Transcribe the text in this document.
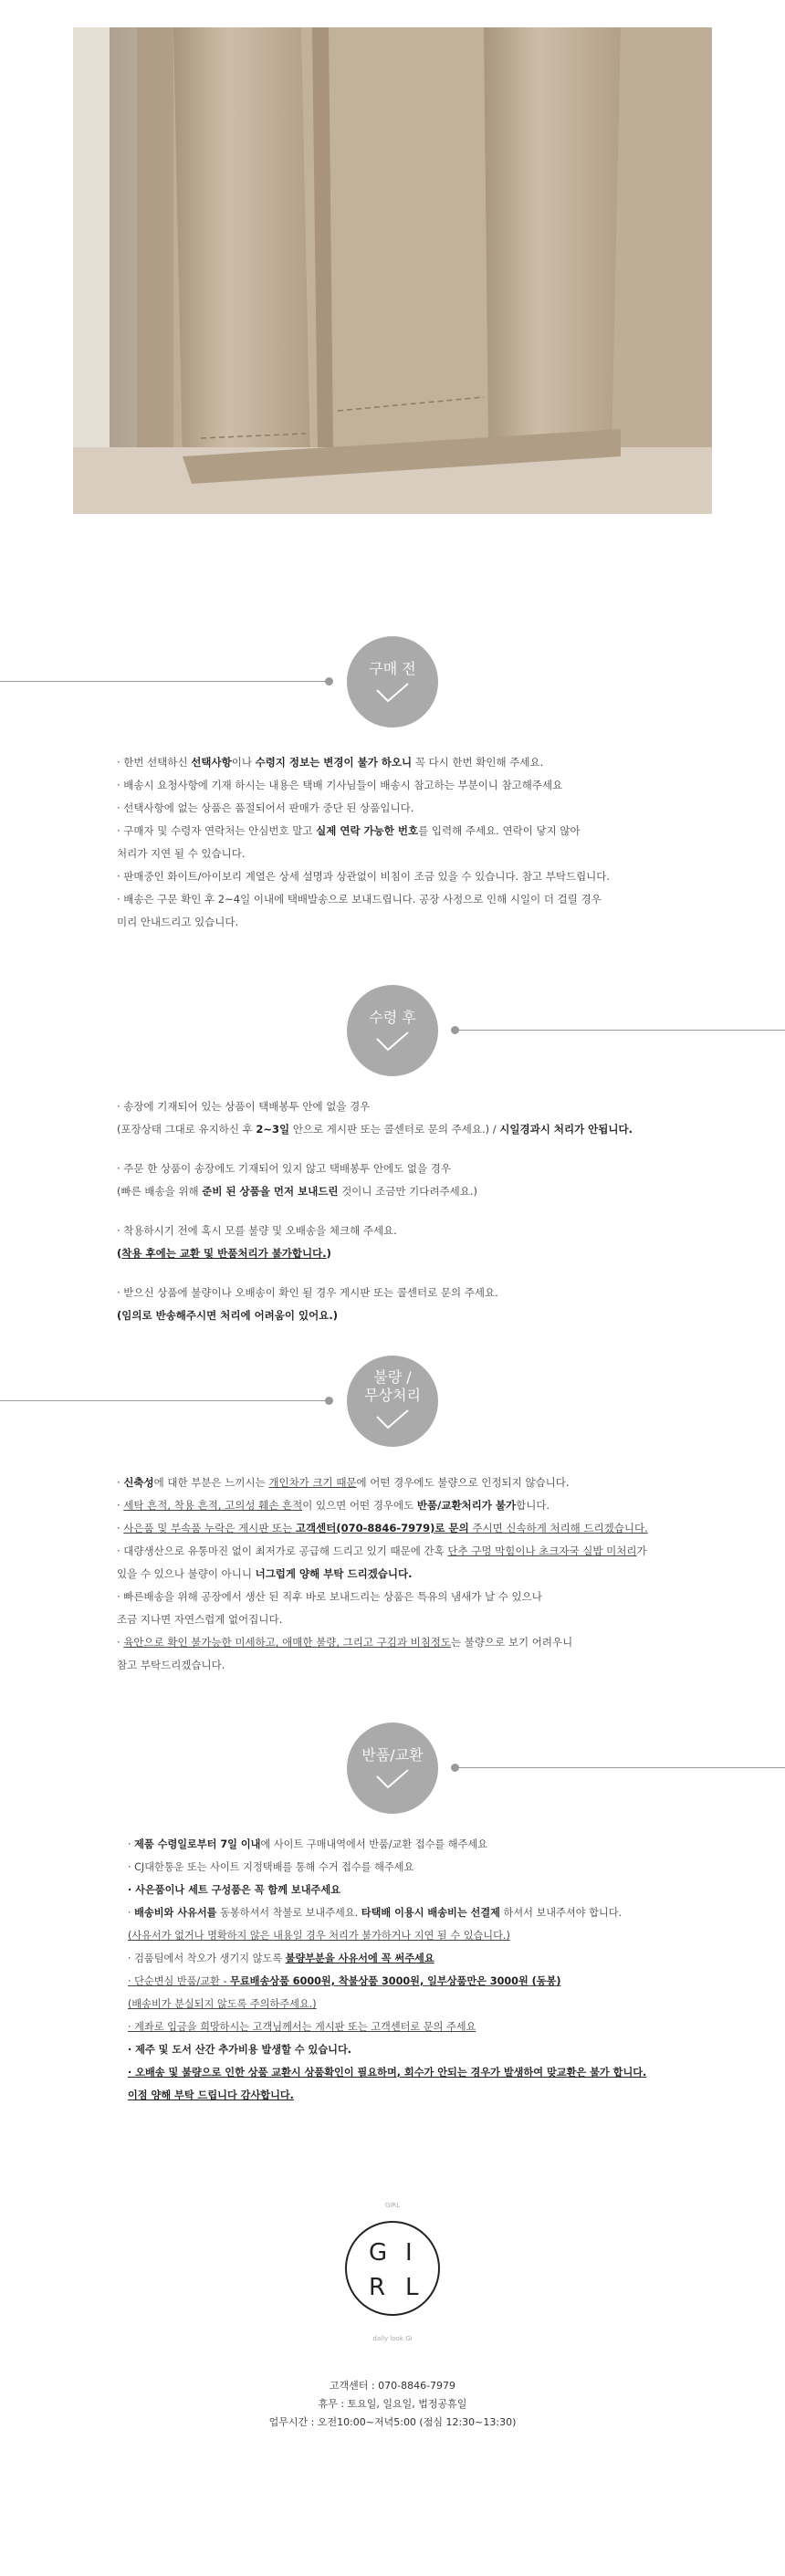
구매 전

· 한번 선택하신 선택사항이나 수령지 정보는 변경이 불가 하오니 꼭 다시 한번 확인해 주세요.

· 배송시 요청사항에 기재 하시는 내용은 택배 기사님들이 배송시 참고하는 부분이니 참고해주세요

· 선택사항에 없는 상품은 품절되어서 판매가 중단 된 상품입니다.

· 구매자 및 수령자 연락처는 안심번호 말고 실제 연락 가능한 번호를 입력해 주세요. 연락이 닿지 않아

처리가 지연 될 수 있습니다.

· 판매중인 화이트/아이보리 계열은 상세 설명과 상관없이 비침이 조금 있을 수 있습니다. 참고 부탁드립니다.

· 배송은 구문 확인 후 2~4일 이내에 택배발송으로 보내드립니다. 공장 사정으로 인해 시일이 더 걸릴 경우

미리 안내드리고 있습니다.

수령 후

· 송장에 기재되어 있는 상품이 택배봉투 안에 없을 경우

(포장상태 그대로 유지하신 후 2~3일 안으로 게시판 또는 콜센터로 문의 주세요.) / 시일경과시 처리가 안됩니다.

· 주문 한 상품이 송장에도 기재되어 있지 않고 택배봉투 안에도 없을 경우

(빠른 배송을 위해 준비 된 상품을 먼저 보내드린 것이니 조금만 기다려주세요.)

· 착용하시기 전에 혹시 모를 불량 및 오배송을 체크해 주세요.

(착용 후에는 교환 및 반품처리가 불가합니다.)

· 받으신 상품에 불량이나 오배송이 확인 될 경우 게시판 또는 콜센터로 문의 주세요.

(임의로 반송해주시면 처리에 어려움이 있어요.)

불량 /
무상처리

· 신축성에 대한 부분은 느끼시는 개인차가 크기 때문에 어떤 경우에도 불량으로 인정되지 않습니다.

· 세탁 흔적, 착용 흔적, 고의성 훼손 흔적이 있으면 어떤 경우에도 반품/교환처리가 불가합니다.

· 사은품 및 부속품 누락은 게시판 또는 고객센터(070-8846-7979)로 문의 주시면 신속하게 처리해 드리겠습니다.

· 대량생산으로 유통마진 없이 최저가로 공급해 드리고 있기 때문에 간혹 단추 구멍 막힘이나 초크자국 실밥 미처리가

있을 수 있으나 불량이 아니니 너그럽게 양해 부탁 드리겠습니다.

· 빠른배송을 위해 공장에서 생산 된 직후 바로 보내드리는 상품은 특유의 냄새가 날 수 있으나

조금 지나면 자연스럽게 없어집니다.

· 육안으로 확인 불가능한 미세하고, 애매한 불량, 그리고 구김과 비침정도는 불량으로 보기 어려우니

참고 부탁드리겠습니다.

반품/교환

· 제품 수령일로부터 7일 이내에 사이트 구매내역에서 반품/교환 접수를 해주세요

· CJ대한통운 또는 사이트 지정택배를 통해 수거 접수를 해주세요

· 사은품이나 세트 구성품은 꼭 함께 보내주세요

· 배송비와 사유서를 동봉하셔서 착불로 보내주세요. 타택배 이용시 배송비는 선결제 하셔서 보내주셔야 합니다.

(사유서가 없거나 명확하지 않은 내용일 경우 처리가 불가하거나 지연 될 수 있습니다.)

· 검품팀에서 착오가 생기지 않도록 불량부분을 사유서에 꼭 써주세요

· 단순변심 반품/교환 - 무료배송상품 6000원, 착불상품 3000원, 일부상품만은 3000원 (동봉)

(배송비가 분실되지 않도록 주의하주세요.)

· 계좌로 입금을 희망하시는 고객님께서는 게시판 또는 고객센터로 문의 주세요

· 제주 및 도서 산간 추가비용 발생할 수 있습니다.

· 오배송 및 불량으로 인한 상품 교환시 상품확인이 필요하며, 회수가 안되는 경우가 발생하여 맞교환은 불가 합니다.

이점 양해 부탁 드립니다 감사합니다.

GIRL
G I
R L
dally look Gi

고객센터 : 070-8846-7979

휴무 : 토요일, 일요일, 법정공휴일

업무시간 : 오전10:00~저녁5:00 (점심 12:30~13:30)
